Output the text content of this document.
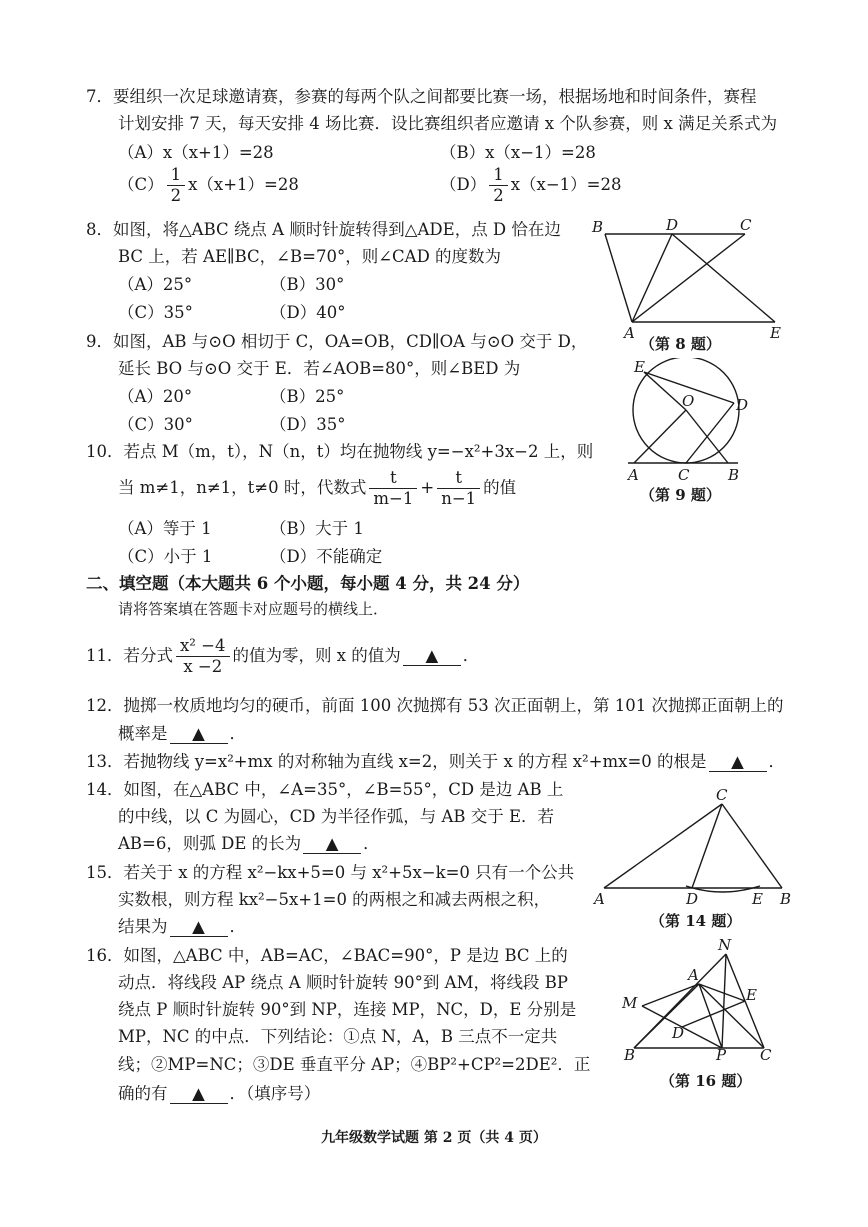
7．要组织一次足球邀请赛，参赛的每两个队之间都要比赛一场，根据场地和时间条件，赛程
计划安排 7 天，每天安排 4 场比赛．设比赛组织者应邀请 x 个队参赛，则 x 满足关系式为
（A）x（x+1）=28	（B）x（x−1）=28
$(C) \frac{1}{2} x(x+1)=28$	$(D) \frac{1}{2} x(x-1)=28$
8．如图，将△ABC 绕点 A 顺时针旋转得到△ADE，点 D 恰在边
BC 上，若 AE∥BC，∠B=70°，则∠CAD 的度数为
（A）25°	（B）30°
（C）35°	（D）40°
B	D	C
A	E
（第 8 题）
9．如图，AB 与⊙O 相切于 C，OA=OB，CD∥OA 与⊙O 交于 D，
延长 BO 与⊙O 交于 E．若∠AOB=80°，则∠BED 为
（A）20°	（B）25°
（C）30°	（D）35°
E
O	D
A	C	B
（第 9 题）
10．若点 M（m，t），N（n，t）均在抛物线 y=−x²+3x−2 上，则
当 m≠1，n≠1，t≠0 时，代数式 $\frac{t}{m-1} + \frac{t}{n-1}$ 的值
（A）等于 1	（B）大于 1
（C）小于 1	（D）不能确定
二、填空题（本大题共 6 个小题，每小题 4 分，共 24 分）
请将答案填在答题卡对应题号的横线上．
11．若分式 $\frac{\text{x² −4}}{x -2}$ 的值为零，则 x 的值为 ▲ ．
12．抛掷一枚质地均匀的硬币，前面 100 次抛掷有 53 次正面朝上，第 101 次抛掷正面朝上的
概率是 ▲ ．
13．若抛物线 y=x²+mx 的对称轴为直线 x=2，则关于 x 的方程 x²+mx=0 的根是 ▲ ．
14．如图，在△ABC 中，∠A=35°，∠B=55°，CD 是边 AB 上
的中线，以 C 为圆心，CD 为半径作弧，与 AB 交于 E．若
AB=6，则弧 DE 的长为 ▲ ．
C
A	D	E B
（第 14 题）
15．若关于 x 的方程 x²−kx+5=0 与 x²+5x−k=0 只有一个公共
实数根，则方程 kx²−5x+1=0 的两根之和减去两根之积，
结果为 ▲ ．
16．如图，△ABC 中，AB=AC，∠BAC=90°，P 是边 BC 上的
动点．将线段 AP 绕点 A 顺时针旋转 90°到 AM，将线段 BP
绕点 P 顺时针旋转 90°到 NP，连接 MP，NC，D，E 分别是
MP，NC 的中点．下列结论：①点 N，A，B 三点不一定共
线；②MP=NC；③DE 垂直平分 AP；④BP²+CP²=2DE²．正
确的有 ▲ ．（填序号）
N
A
E
M
D
B	P C
（第 16 题）
九年级数学试题 第 2 页（共 4 页）
